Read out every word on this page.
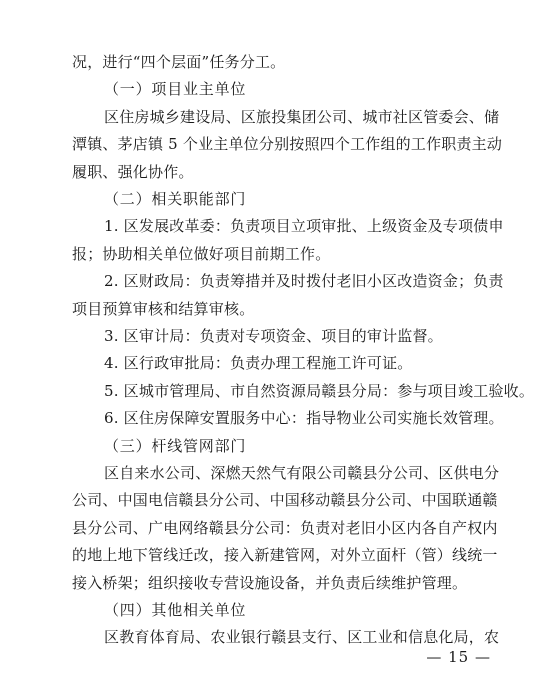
况，进行“四个层面”任务分工。
（一）项目业主单位
区住房城乡建设局、区旅投集团公司、城市社区管委会、储
潭镇、茅店镇 5 个业主单位分别按照四个工作组的工作职责主动
履职、强化协作。
（二）相关职能部门
1. 区发展改革委：负责项目立项审批、上级资金及专项债申
报；协助相关单位做好项目前期工作。
2. 区财政局：负责筹措并及时拨付老旧小区改造资金；负责
项目预算审核和结算审核。
3. 区审计局：负责对专项资金、项目的审计监督。
4. 区行政审批局：负责办理工程施工许可证。
5. 区城市管理局、市自然资源局赣县分局：参与项目竣工验收。
6. 区住房保障安置服务中心：指导物业公司实施长效管理。
（三）杆线管网部门
区自来水公司、深燃天然气有限公司赣县分公司、区供电分
公司、中国电信赣县分公司、中国移动赣县分公司、中国联通赣
县分公司、广电网络赣县分公司：负责对老旧小区内各自产权内
的地上地下管线迁改，接入新建管网，对外立面杆（管）线统一
接入桥架；组织接收专营设施设备，并负责后续维护管理。
（四）其他相关单位
区教育体育局、农业银行赣县支行、区工业和信息化局，农
— 15 —
